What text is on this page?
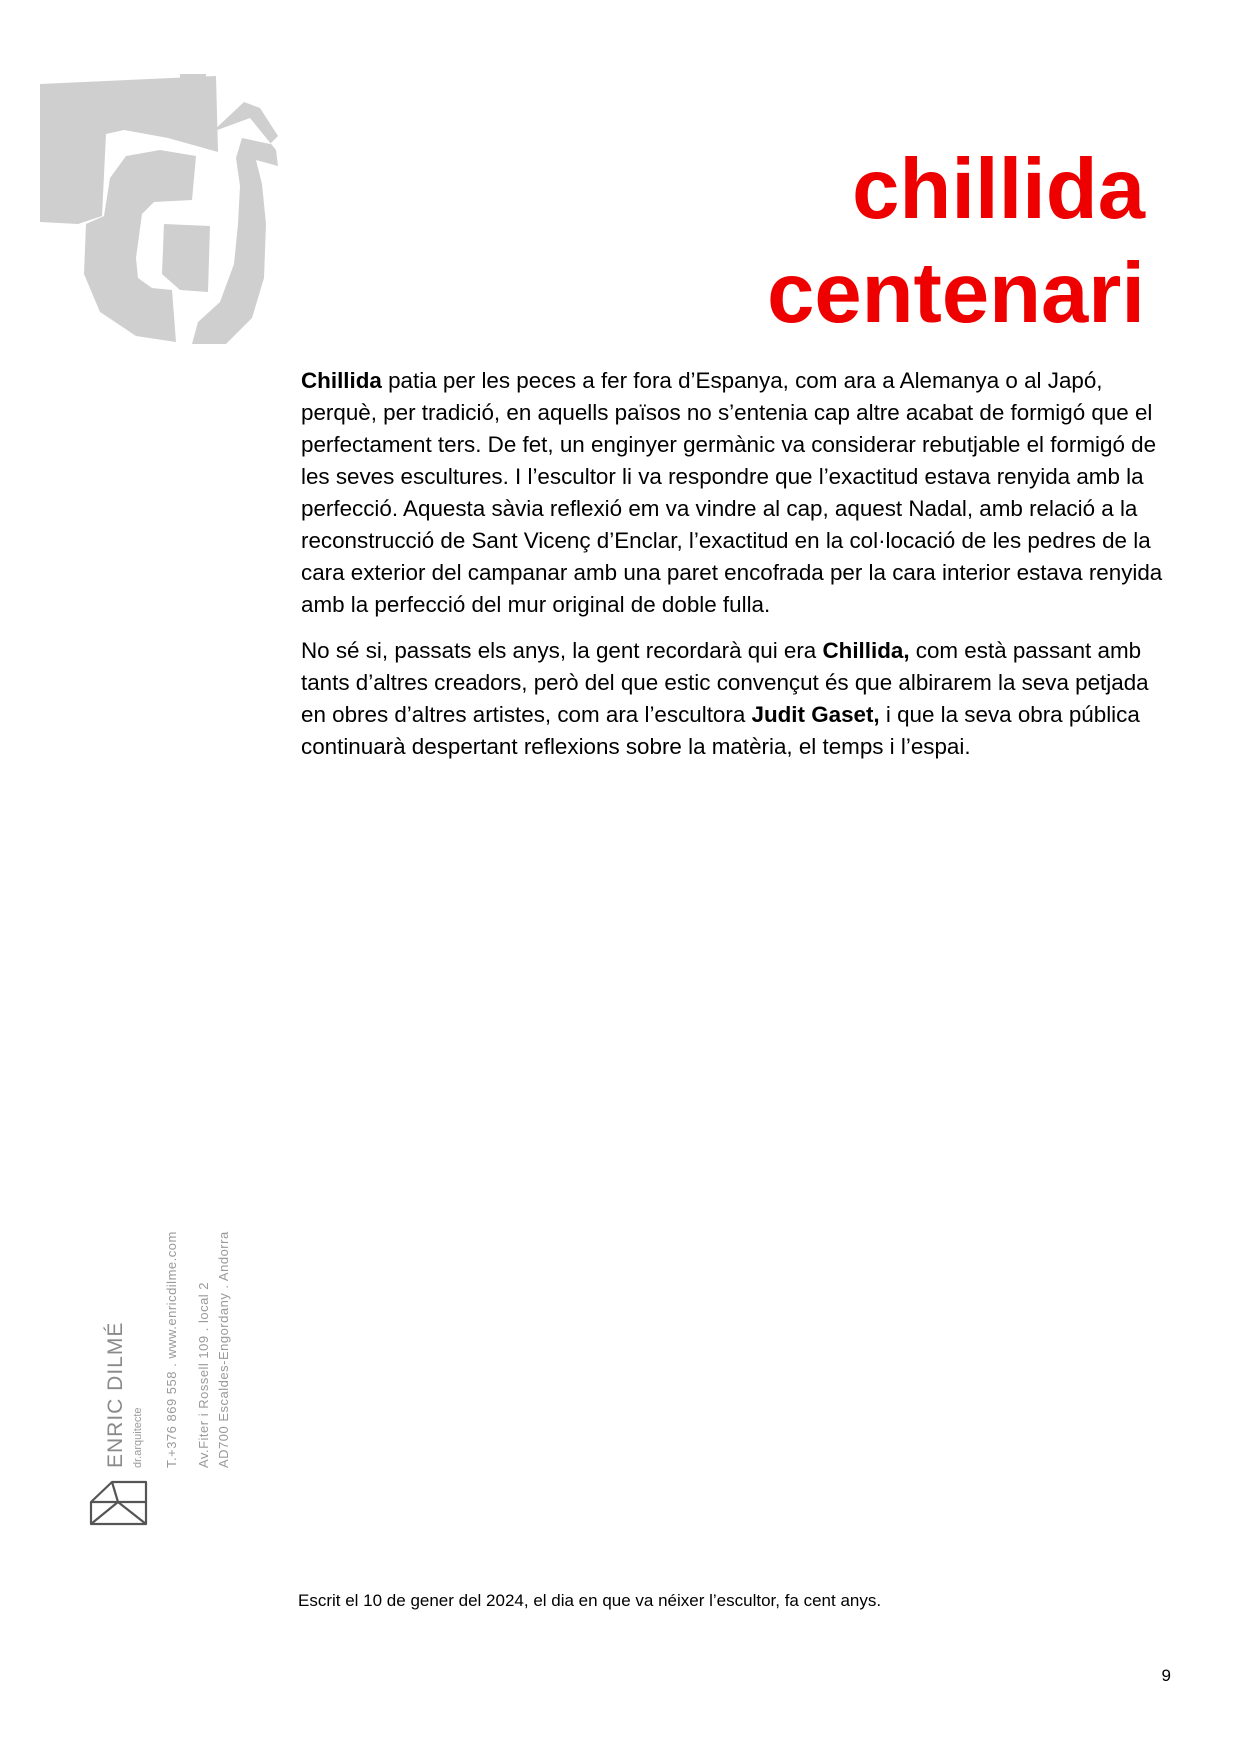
chillida
centenari

Chillida patia per les peces a fer fora d’Espanya, com ara a Alemanya o al Japó, perquè, per tradició, en aquells països no s’entenia cap altre acabat de formigó que el perfectament ters. De fet, un enginyer germànic va considerar rebutjable el formigó de les seves escultures. I l’escultor li va respondre que l’exactitud estava renyida amb la perfecció. Aquesta sàvia reflexió em va vindre al cap, aquest Nadal, amb relació a la reconstrucció de Sant Vicenç d’Enclar, l’exactitud en la col·locació de les pedres de la cara exterior del campanar amb una paret encofrada per la cara interior estava renyida amb la perfecció del mur original de doble fulla.

No sé si, passats els anys, la gent recordarà qui era Chillida, com està passant amb tants d’altres creadors, però del que estic convençut és que albirarem la seva petjada en obres d’altres artistes, com ara l’escultora Judit Gaset, i que la seva obra pública continuarà despertant reflexions sobre la matèria, el temps i l’espai.

ENRIC DILMÉ dr.arquitecte T.+376 869 558 . www.enricdilme.com Av.Fiter i Rossell 109 . local 2 AD700 Escaldes-Engordany . Andorra
Escrit el 10 de gener del 2024, el dia en que va néixer l’escultor, fa cent anys.
9
